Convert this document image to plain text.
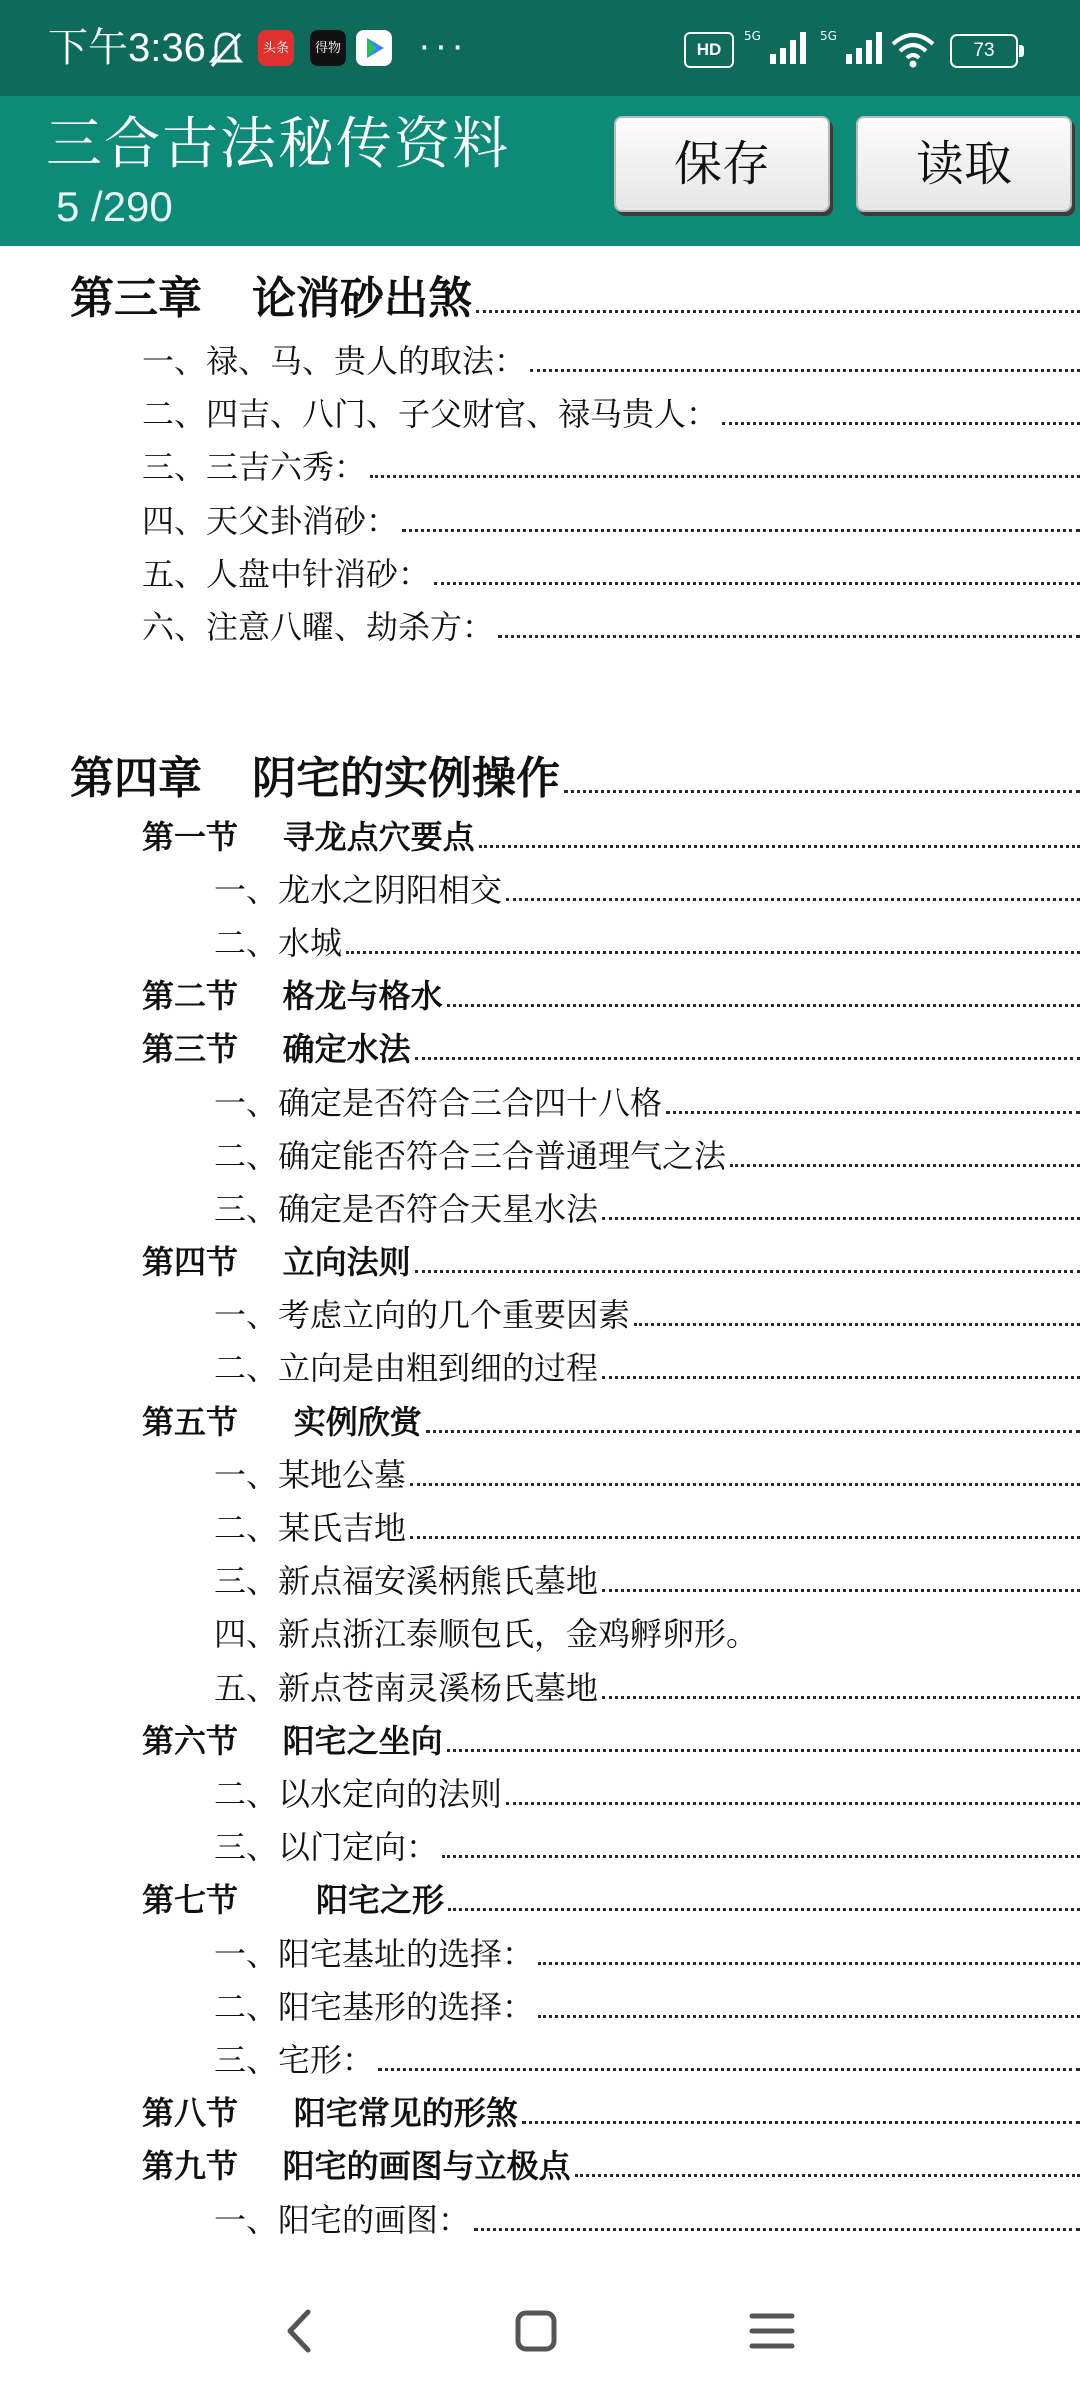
下午3:36	头条	得物 ···	HD
5G	5G
73
三合古法秘传资料
5 /290
保存	读取
第三章 论消砂出煞
一、禄、马、贵人的取法：
二、四吉、八门、子父财官、禄马贵人：
三、三吉六秀：
四、天父卦消砂：
五、人盘中针消砂：
六、注意八曜、劫杀方：
第四章 阴宅的实例操作
第一节 寻龙点穴要点
一、龙水之阴阳相交
二、水城
第二节 格龙与格水
第三节 确定水法
一、确定是否符合三合四十八格
二、确定能否符合三合普通理气之法
三、确定是否符合天星水法
第四节 立向法则
一、考虑立向的几个重要因素
二、立向是由粗到细的过程
第五节 实例欣赏
一、某地公墓
二、某氏吉地
三、新点福安溪柄熊氏墓地
四、新点浙江泰顺包氏，金鸡孵卵形。
五、新点苍南灵溪杨氏墓地
第六节 阳宅之坐向
二、以水定向的法则
三、以门定向：
第七节 阳宅之形
一、阳宅基址的选择：
二、阳宅基形的选择：
三、宅形：
第八节 阳宅常见的形煞
第九节 阳宅的画图与立极点
一、阳宅的画图：
